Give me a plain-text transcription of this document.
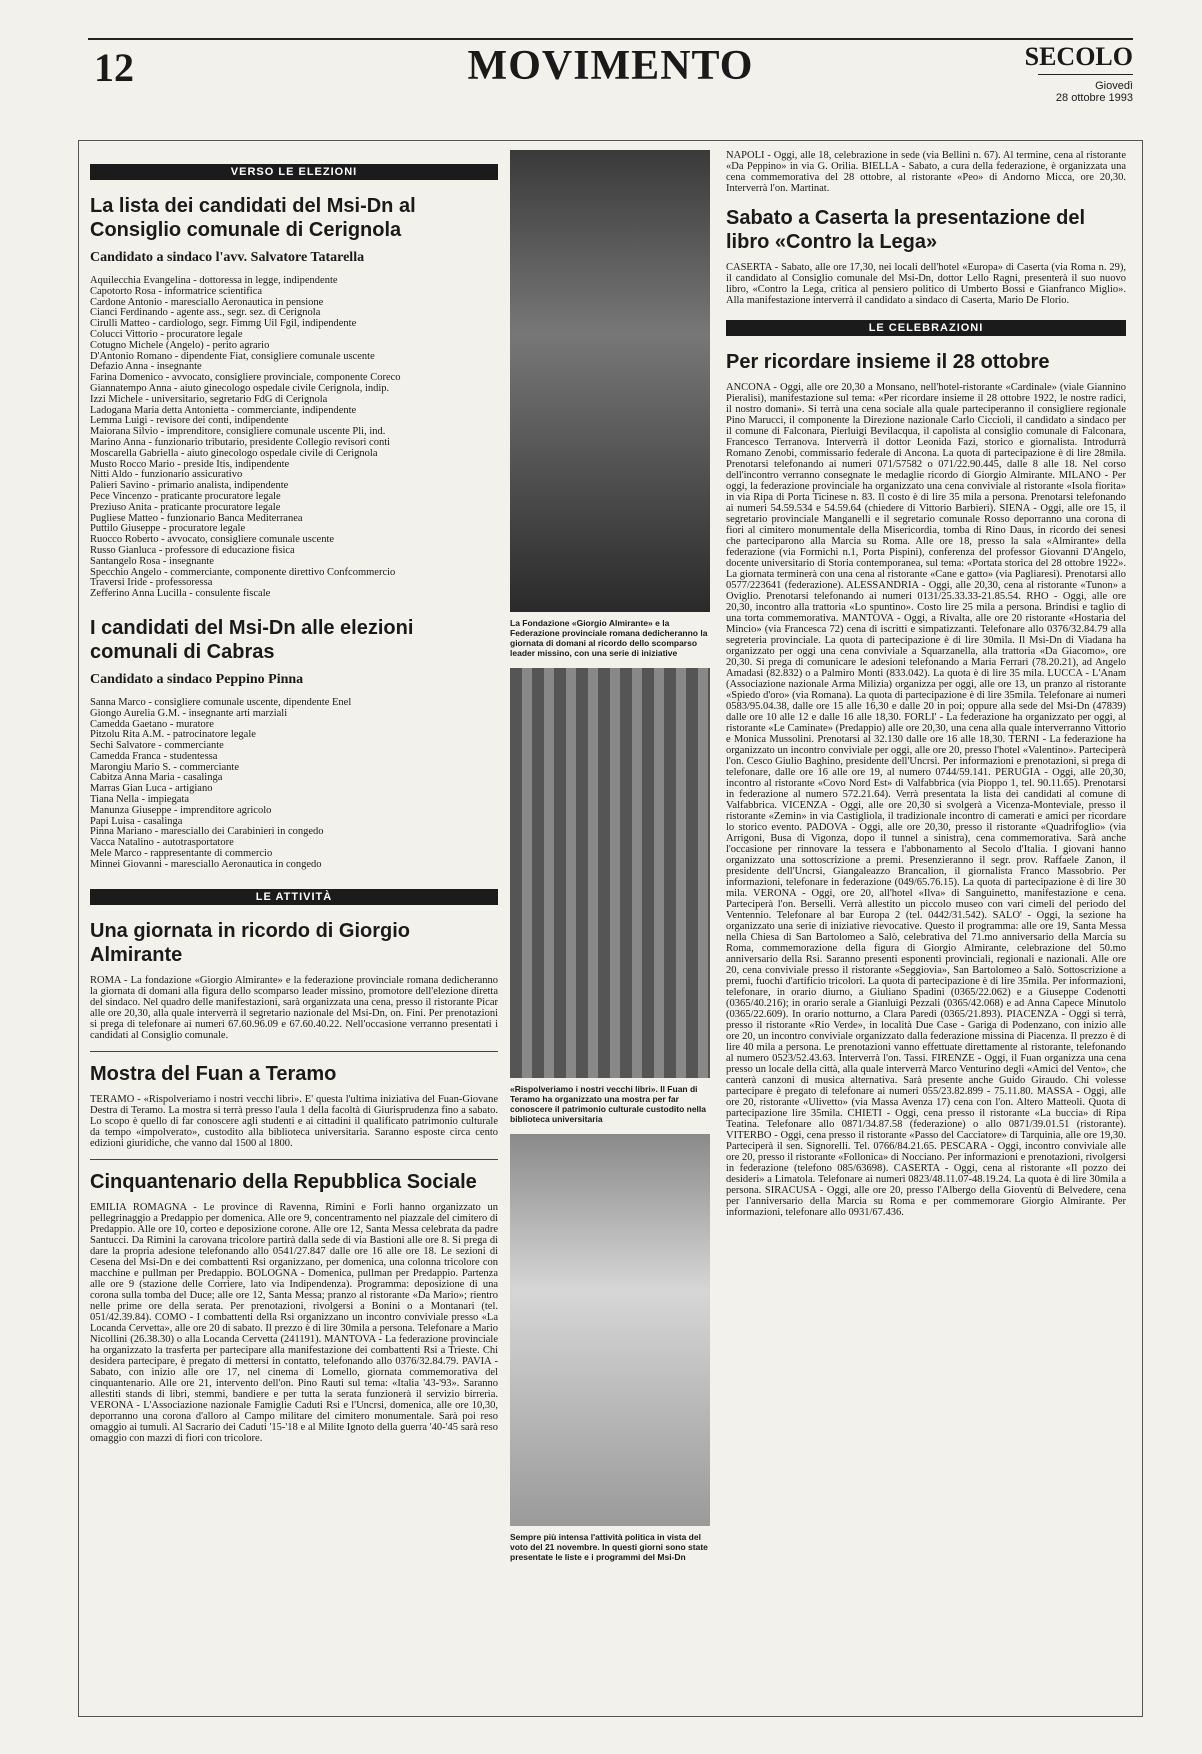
12	MOVIMENTO	SECOLO
Giovedì
28 ottobre 1993
VERSO LE ELEZIONI
La lista dei candidati del Msi-Dn al Consiglio comunale di Cerignola
Candidato a sindaco l'avv. Salvatore Tatarella
Aquilecchia Evangelina - dottoressa in legge, indipendente
Capotorto Rosa - informatrice scientifica
Cardone Antonio - maresciallo Aeronautica in pensione
Cianci Ferdinando - agente ass., segr. sez. di Cerignola
Cirulli Matteo - cardiologo, segr. Fimmg Uil Fgil, indipendente
Colucci Vittorio - procuratore legale
Cotugno Michele (Angelo) - perito agrario
D'Antonio Romano - dipendente Fiat, consigliere comunale uscente
Defazio Anna - insegnante
Farina Domenico - avvocato, consigliere provinciale, componente Coreco
Giannatempo Anna - aiuto ginecologo ospedale civile Cerignola, indip.
Izzi Michele - universitario, segretario FdG di Cerignola
Ladogana Maria detta Antonietta - commerciante, indipendente
Lemma Luigi - revisore dei conti, indipendente
Maiorana Silvio - imprenditore, consigliere comunale uscente Pli, ind.
Marino Anna - funzionario tributario, presidente Collegio revisori conti
Moscarella Gabriella - aiuto ginecologo ospedale civile di Cerignola
Musto Rocco Mario - preside Itis, indipendente
Nitti Aldo - funzionario assicurativo
Palieri Savino - primario analista, indipendente
Pece Vincenzo - praticante procuratore legale
Preziuso Anita - praticante procuratore legale
Pugliese Matteo - funzionario Banca Mediterranea
Puttilo Giuseppe - procuratore legale
Ruocco Roberto - avvocato, consigliere comunale uscente
Russo Gianluca - professore di educazione fisica
Santangelo Rosa - insegnante
Specchio Angelo - commerciante, componente direttivo Confcommercio
Traversi Iride - professoressa
Zefferino Anna Lucilla - consulente fiscale
I candidati del Msi-Dn alle elezioni comunali di Cabras
Candidato a sindaco Peppino Pinna
Sanna Marco - consigliere comunale uscente, dipendente Enel
Giongo Aurelia G.M. - insegnante arti marziali
Camedda Gaetano - muratore
Pitzolu Rita A.M. - patrocinatore legale
Sechi Salvatore - commerciante
Camedda Franca - studentessa
Marongiu Mario S. - commerciante
Cabitza Anna Maria - casalinga
Marras Gian Luca - artigiano
Tiana Nella - impiegata
Manunza Giuseppe - imprenditore agricolo
Papi Luisa - casalinga
Pinna Mariano - maresciallo dei Carabinieri in congedo
Vacca Natalino - autotrasportatore
Mele Marco - rappresentante di commercio
Minnei Giovanni - maresciallo Aeronautica in congedo
LE ATTIVITÀ
Una giornata in ricordo di Giorgio Almirante
ROMA - La fondazione «Giorgio Almirante» e la federazione provinciale romana dedicheranno la giornata di domani alla figura dello scomparso leader missino, promotore dell'elezione diretta del sindaco. Nel quadro delle manifestazioni, sarà organizzata una cena, presso il ristorante Picar alle ore 20,30, alla quale interverrà il segretario nazionale del Msi-Dn, on. Fini. Per prenotazioni si prega di telefonare ai numeri 67.60.96.09 e 67.60.40.22. Nell'occasione verranno presentati i candidati al Consiglio comunale.
Mostra del Fuan a Teramo
TERAMO - «Rispolveriamo i nostri vecchi libri». E' questa l'ultima iniziativa del Fuan-Giovane Destra di Teramo. La mostra si terrà presso l'aula 1 della facoltà di Giurisprudenza fino a sabato. Lo scopo è quello di far conoscere agli studenti e ai cittadini il qualificato patrimonio culturale da tempo «impolverato», custodito alla biblioteca universitaria. Saranno esposte circa cento edizioni giuridiche, che vanno dal 1500 al 1800.
Cinquantenario della Repubblica Sociale
EMILIA ROMAGNA - Le province di Ravenna, Rimini e Forlì hanno organizzato un pellegrinaggio a Predappio per domenica. Alle ore 9, concentramento nel piazzale del cimitero di Predappio. Alle ore 10, corteo e deposizione corone. Alle ore 12, Santa Messa celebrata da padre Santucci. Da Rimini la carovana tricolore partirà dalla sede di via Bastioni alle ore 8. Si prega di dare la propria adesione telefonando allo 0541/27.847 dalle ore 16 alle ore 18. Le sezioni di Cesena del Msi-Dn e dei combattenti Rsi organizzano, per domenica, una colonna tricolore con macchine e pullman per Predappio. BOLOGNA - Domenica, pullman per Predappio. Partenza alle ore 9 (stazione delle Corriere, lato via Indipendenza). Programma: deposizione di una corona sulla tomba del Duce; alle ore 12, Santa Messa; pranzo al ristorante «Da Mario»; rientro nelle prime ore della serata. Per prenotazioni, rivolgersi a Bonini o a Montanari (tel. 051/42.39.84). COMO - I combattenti della Rsi organizzano un incontro conviviale presso «La Locanda Cervetta», alle ore 20 di sabato. Il prezzo è di lire 30mila a persona. Telefonare a Mario Nicollini (26.38.30) o alla Locanda Cervetta (241191). MANTOVA - La federazione provinciale ha organizzato la trasferta per partecipare alla manifestazione dei combattenti Rsi a Trieste. Chi desidera partecipare, è pregato di mettersi in contatto, telefonando allo 0376/32.84.79. PAVIA - Sabato, con inizio alle ore 17, nel cinema di Lomello, giornata commemorativa del cinquantenario. Alle ore 21, intervento dell'on. Pino Rauti sul tema: «Italia '43-'93». Saranno allestiti stands di libri, stemmi, bandiere e per tutta la serata funzionerà il servizio birreria. VERONA - L'Associazione nazionale Famiglie Caduti Rsi e l'Uncrsi, domenica, alle ore 10,30, deporranno una corona d'alloro al Campo militare del cimitero monumentale. Sarà poi reso omaggio ai tumuli. Al Sacrario dei Caduti '15-'18 e al Milite Ignoto della guerra '40-'45 sarà reso omaggio con mazzi di fiori con tricolore.
La Fondazione «Giorgio Almirante» e la Federazione provinciale romana dedicheranno la giornata di domani al ricordo dello scomparso leader missino, con una serie di iniziative
«Rispolveriamo i nostri vecchi libri». Il Fuan di Teramo ha organizzato una mostra per far conoscere il patrimonio culturale custodito nella biblioteca universitaria
Sempre più intensa l'attività politica in vista del voto del 21 novembre. In questi giorni sono state presentate le liste e i programmi del Msi-Dn
NAPOLI - Oggi, alle 18, celebrazione in sede (via Bellini n. 67). Al termine, cena al ristorante «Da Peppino» in via G. Orilia. BIELLA - Sabato, a cura della federazione, è organizzata una cena commemorativa del 28 ottobre, al ristorante «Peo» di Andorno Micca, ore 20,30. Interverrà l'on. Martinat.
Sabato a Caserta la presentazione del libro «Contro la Lega»
CASERTA - Sabato, alle ore 17,30, nei locali dell'hotel «Europa» di Caserta (via Roma n. 29), il candidato al Consiglio comunale del Msi-Dn, dottor Lello Ragni, presenterà il suo nuovo libro, «Contro la Lega, critica al pensiero politico di Umberto Bossi e Gianfranco Miglio». Alla manifestazione interverrà il candidato a sindaco di Caserta, Mario De Florio.
LE CELEBRAZIONI
Per ricordare insieme il 28 ottobre
ANCONA - Oggi, alle ore 20,30 a Monsano, nell'hotel-ristorante «Cardinale» (viale Giannino Pieralisi), manifestazione sul tema: «Per ricordare insieme il 28 ottobre 1922, le nostre radici, il nostro domani». Si terrà una cena sociale alla quale parteciperanno il consigliere regionale Pino Marucci, il componente la Direzione nazionale Carlo Ciccioli, il candidato a sindaco per il comune di Falconara, Pierluigi Bevilacqua, il capolista al consiglio comunale di Falconara, Francesco Terranova. Interverrà il dottor Leonida Fazi, storico e giornalista. Introdurrà Romano Zenobi, commissario federale di Ancona. La quota di partecipazione è di lire 28mila. Prenotarsi telefonando ai numeri 071/57582 o 071/22.90.445, dalle 8 alle 18. Nel corso dell'incontro verranno consegnate le medaglie ricordo di Giorgio Almirante. MILANO - Per oggi, la federazione provinciale ha organizzato una cena conviviale al ristorante «Isola fiorita» in via Ripa di Porta Ticinese n. 83. Il costo è di lire 35 mila a persona. Prenotarsi telefonando ai numeri 54.59.534 e 54.59.64 (chiedere di Vittorio Barbieri). SIENA - Oggi, alle ore 15, il segretario provinciale Manganelli e il segretario comunale Rosso deporranno una corona di fiori al cimitero monumentale della Misericordia, tomba di Rino Daus, in ricordo dei senesi che parteciparono alla Marcia su Roma. Alle ore 18, presso la sala «Almirante» della federazione (via Formichi n.1, Porta Pispini), conferenza del professor Giovanni D'Angelo, docente universitario di Storia contemporanea, sul tema: «Portata storica del 28 ottobre 1922». La giornata terminerà con una cena al ristorante «Cane e gatto» (via Pagliaresi). Prenotarsi allo 0577/223641 (federazione). ALESSANDRIA - Oggi, alle 20,30, cena al ristorante «Tunon» a Oviglio. Prenotarsi telefonando ai numeri 0131/25.33.33-21.85.54. RHO - Oggi, alle ore 20,30, incontro alla trattoria «Lo spuntino». Costo lire 25 mila a persona. Brindisi e taglio di una torta commemorativa. MANTOVA - Oggi, a Rivalta, alle ore 20 ristorante «Hostaria del Mincio» (via Francesca 72) cena di iscritti e simpatizzanti. Telefonare allo 0376/32.84.79 alla segreteria provinciale. La quota di partecipazione è di lire 30mila. Il Msi-Dn di Viadana ha organizzato per oggi una cena conviviale a Squarzanella, alla trattoria «Da Giacomo», ore 20,30. Si prega di comunicare le adesioni telefonando a Maria Ferrari (78.20.21), ad Angelo Amadasi (82.832) o a Palmiro Monti (833.042). La quota è di lire 35 mila. LUCCA - L'Anam (Associazione nazionale Arma Milizia) organizza per oggi, alle ore 13, un pranzo al ristorante «Spiedo d'oro» (via Romana). La quota di partecipazione è di lire 35mila. Telefonare ai numeri 0583/95.04.38, dalle ore 15 alle 16,30 e dalle 20 in poi; oppure alla sede del Msi-Dn (47839) dalle ore 10 alle 12 e dalle 16 alle 18,30. FORLI' - La federazione ha organizzato per oggi, al ristorante «Le Caminate» (Predappio) alle ore 20,30, una cena alla quale interverranno Vittorio e Monica Mussolini. Prenotarsi al 32.130 dalle ore 16 alle 18,30. TERNI - La federazione ha organizzato un incontro conviviale per oggi, alle ore 20, presso l'hotel «Valentino». Parteciperà l'on. Cesco Giulio Baghino, presidente dell'Uncrsi. Per informazioni e prenotazioni, si prega di telefonare, dalle ore 16 alle ore 19, al numero 0744/59.141. PERUGIA - Oggi, alle 20,30, incontro al ristorante «Covo Nord Est» di Valfabbrica (via Pioppo 1, tel. 90.11.65). Prenotarsi in federazione al numero 572.21.64). Verrà presentata la lista dei candidati al comune di Valfabbrica. VICENZA - Oggi, alle ore 20,30 si svolgerà a Vicenza-Monteviale, presso il ristorante «Zemin» in via Castigliola, il tradizionale incontro di camerati e amici per ricordare lo storico evento. PADOVA - Oggi, alle ore 20,30, presso il ristorante «Quadrifoglio» (via Arrigoni, Busa di Vigonza, dopo il tunnel a sinistra), cena commemorativa. Sarà anche l'occasione per rinnovare la tessera e l'abbonamento al Secolo d'Italia. I giovani hanno organizzato una sottoscrizione a premi. Presenzieranno il segr. prov. Raffaele Zanon, il presidente dell'Uncrsi, Giangaleazzo Brancalion, il giornalista Franco Massobrio. Per informazioni, telefonare in federazione (049/65.76.15). La quota di partecipazione è di lire 30 mila. VERONA - Oggi, ore 20, all'hotel «Ilva» di Sanguinetto, manifestazione e cena. Parteciperà l'on. Berselli. Verrà allestito un piccolo museo con vari cimeli del periodo del Ventennio. Telefonare al bar Europa 2 (tel. 0442/31.542). SALO' - Oggi, la sezione ha organizzato una serie di iniziative rievocative. Questo il programma: alle ore 19, Santa Messa nella Chiesa di San Bartolomeo a Salò, celebrativa del 71.mo anniversario della Marcia su Roma, commemorazione della figura di Giorgio Almirante, celebrazione del 50.mo anniversario della Rsi. Saranno presenti esponenti provinciali, regionali e nazionali. Alle ore 20, cena conviviale presso il ristorante «Seggiovia», San Bartolomeo a Salò. Sottoscrizione a premi, fuochi d'artificio tricolori. La quota di partecipazione è di lire 35mila. Per informazioni, telefonare, in orario diurno, a Giuliano Spadini (0365/22.062) e a Giuseppe Codenotti (0365/40.216); in orario serale a Gianluigi Pezzali (0365/42.068) e ad Anna Capece Minutolo (0365/22.609). In orario notturno, a Clara Paredi (0365/21.893). PIACENZA - Oggi si terrà, presso il ristorante «Rio Verde», in località Due Case - Gariga di Podenzano, con inizio alle ore 20, un incontro conviviale organizzato dalla federazione missina di Piacenza. Il prezzo è di lire 40 mila a persona. Le prenotazioni vanno effettuate direttamente al ristorante, telefonando al numero 0523/52.43.63. Interverrà l'on. Tassi. FIRENZE - Oggi, il Fuan organizza una cena presso un locale della città, alla quale interverrà Marco Venturino degli «Amici del Vento», che canterà canzoni di musica alternativa. Sarà presente anche Guido Giraudo. Chi volesse partecipare è pregato di telefonare ai numeri 055/23.82.899 - 75.11.80. MASSA - Oggi, alle ore 20, ristorante «Ulivetto» (via Massa Avenza 17) cena con l'on. Altero Matteoli. Quota di partecipazione lire 35mila. CHIETI - Oggi, cena presso il ristorante «La buccia» di Ripa Teatina. Telefonare allo 0871/34.87.58 (federazione) o allo 0871/39.01.51 (ristorante). VITERBO - Oggi, cena presso il ristorante «Passo del Cacciatore» di Tarquinia, alle ore 19,30. Parteciperà il sen. Signorelli. Tel. 0766/84.21.65. PESCARA - Oggi, incontro conviviale alle ore 20, presso il ristorante «Follonica» di Nocciano. Per informazioni e prenotazioni, rivolgersi in federazione (telefono 085/63698). CASERTA - Oggi, cena al ristorante «Il pozzo dei desideri» a Limatola. Telefonare ai numeri 0823/48.11.07-48.19.24. La quota è di lire 30mila a persona. SIRACUSA - Oggi, alle ore 20, presso l'Albergo della Gioventù di Belvedere, cena per l'anniversario della Marcia su Roma e per commemorare Giorgio Almirante. Per informazioni, telefonare allo 0931/67.436.
